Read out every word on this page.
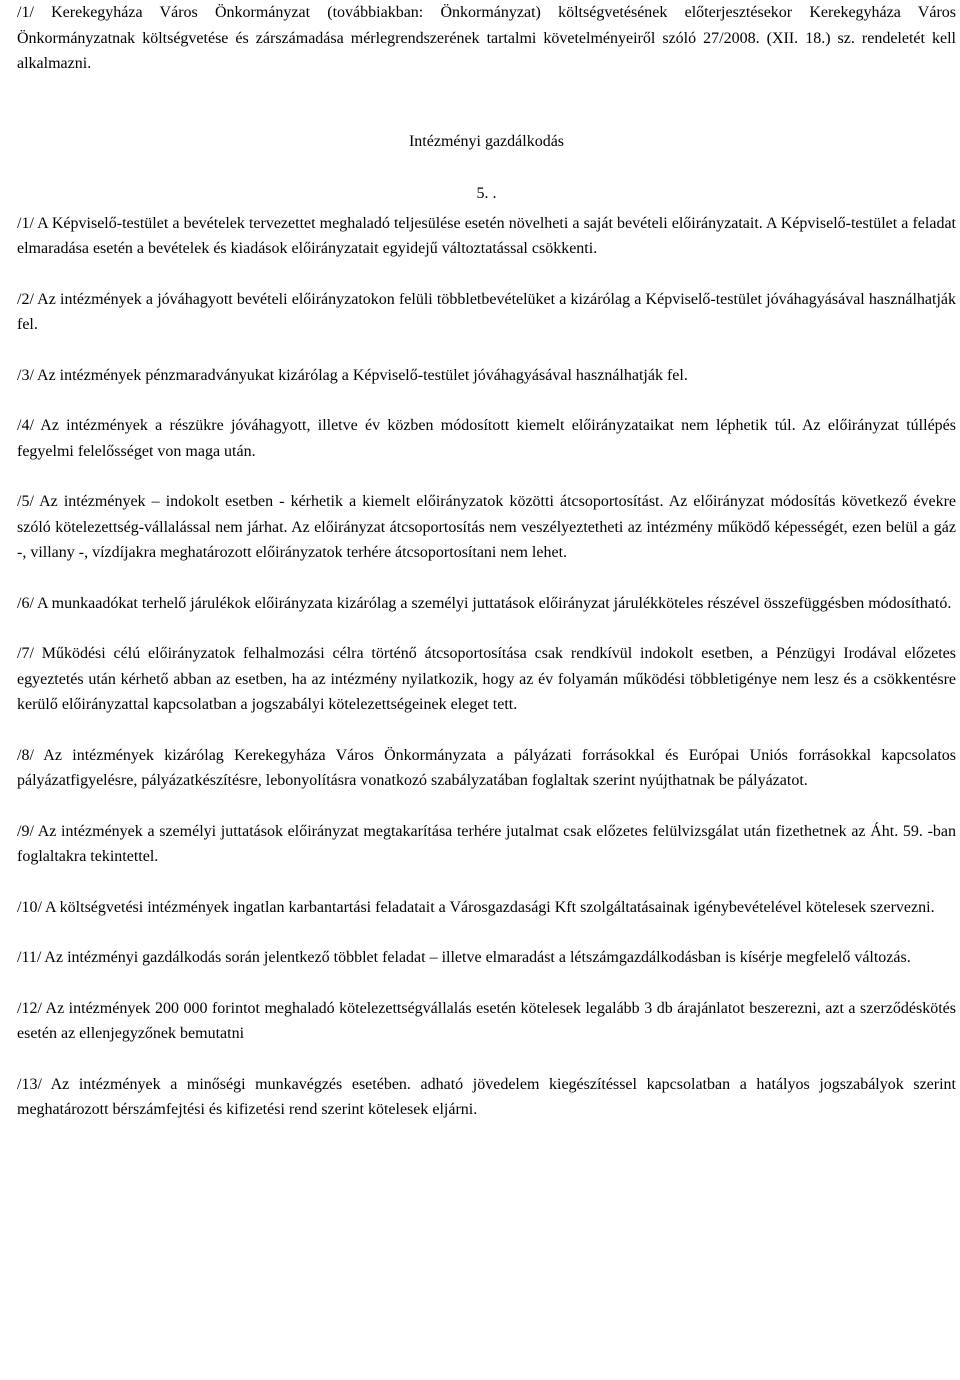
/1/ Kerekegyháza Város Önkormányzat (továbbiakban: Önkormányzat) költségvetésének előterjesztésekor Kerekegyháza Város Önkormányzatnak költségvetése és zárszámadása mérlegrendszerének tartalmi követelményeiről szóló 27/2008. (XII. 18.) sz. rendeletét kell alkalmazni.

Intézményi gazdálkodás

5. .

/1/ A Képviselő-testület a bevételek tervezettet meghaladó teljesülése esetén növelheti a saját bevételi előirányzatait. A Képviselő-testület a feladat elmaradása esetén a bevételek és kiadások előirányzatait egyidejű változtatással csökkenti.
/2/ Az intézmények a jóváhagyott bevételi előirányzatokon felüli többletbevételüket a kizárólag a Képviselő-testület jóváhagyásával használhatják fel.
/3/ Az intézmények pénzmaradványukat kizárólag a Képviselő-testület jóváhagyásával használhatják fel.
/4/ Az intézmények a részükre jóváhagyott, illetve év közben módosított kiemelt előirányzataikat nem léphetik túl. Az előirányzat túllépés fegyelmi felelősséget von maga után.
/5/ Az intézmények – indokolt esetben - kérhetik a kiemelt előirányzatok közötti átcsoportosítást. Az előirányzat módosítás következő évekre szóló kötelezettség-vállalással nem járhat. Az előirányzat átcsoportosítás nem veszélyeztetheti az intézmény működő képességét, ezen belül a gáz -, villany -, vízdíjakra meghatározott előirányzatok terhére átcsoportosítani nem lehet.
/6/ A munkaadókat terhelő járulékok előirányzata kizárólag a személyi juttatások előirányzat járulékköteles részével összefüggésben módosítható.
/7/ Működési célú előirányzatok felhalmozási célra történő átcsoportosítása csak rendkívül indokolt esetben, a Pénzügyi Irodával előzetes egyeztetés után kérhető abban az esetben, ha az intézmény nyilatkozik, hogy az év folyamán működési többletigénye nem lesz és a csökkentésre kerülő előirányzattal kapcsolatban a jogszabályi kötelezettségeinek eleget tett.
/8/ Az intézmények kizárólag Kerekegyháza Város Önkormányzata a pályázati forrásokkal és Európai Uniós forrásokkal kapcsolatos pályázatfigyelésre, pályázatkészítésre, lebonyolításra vonatkozó szabályzatában foglaltak szerint nyújthatnak be pályázatot.
/9/ Az intézmények a személyi juttatások előirányzat megtakarítása terhére jutalmat csak előzetes felülvizsgálat után fizethetnek az Áht. 59. -ban foglaltakra tekintettel.
/10/ A költségvetési intézmények ingatlan karbantartási feladatait a Városgazdasági Kft szolgáltatásainak igénybevételével kötelesek szervezni.
/11/ Az intézményi gazdálkodás során jelentkező többlet feladat – illetve elmaradást a létszámgazdálkodásban is kísérje megfelelő változás.
/12/ Az intézmények 200 000 forintot meghaladó kötelezettségvállalás esetén kötelesek legalább 3 db árajánlatot beszerezni, azt a szerződéskötés esetén az ellenjegyzőnek bemutatni
/13/ Az intézmények a minőségi munkavégzés esetében. adható jövedelem kiegészítéssel kapcsolatban a hatályos jogszabályok szerint meghatározott bérszámfejtési és kifizetési rend szerint kötelesek eljárni.
